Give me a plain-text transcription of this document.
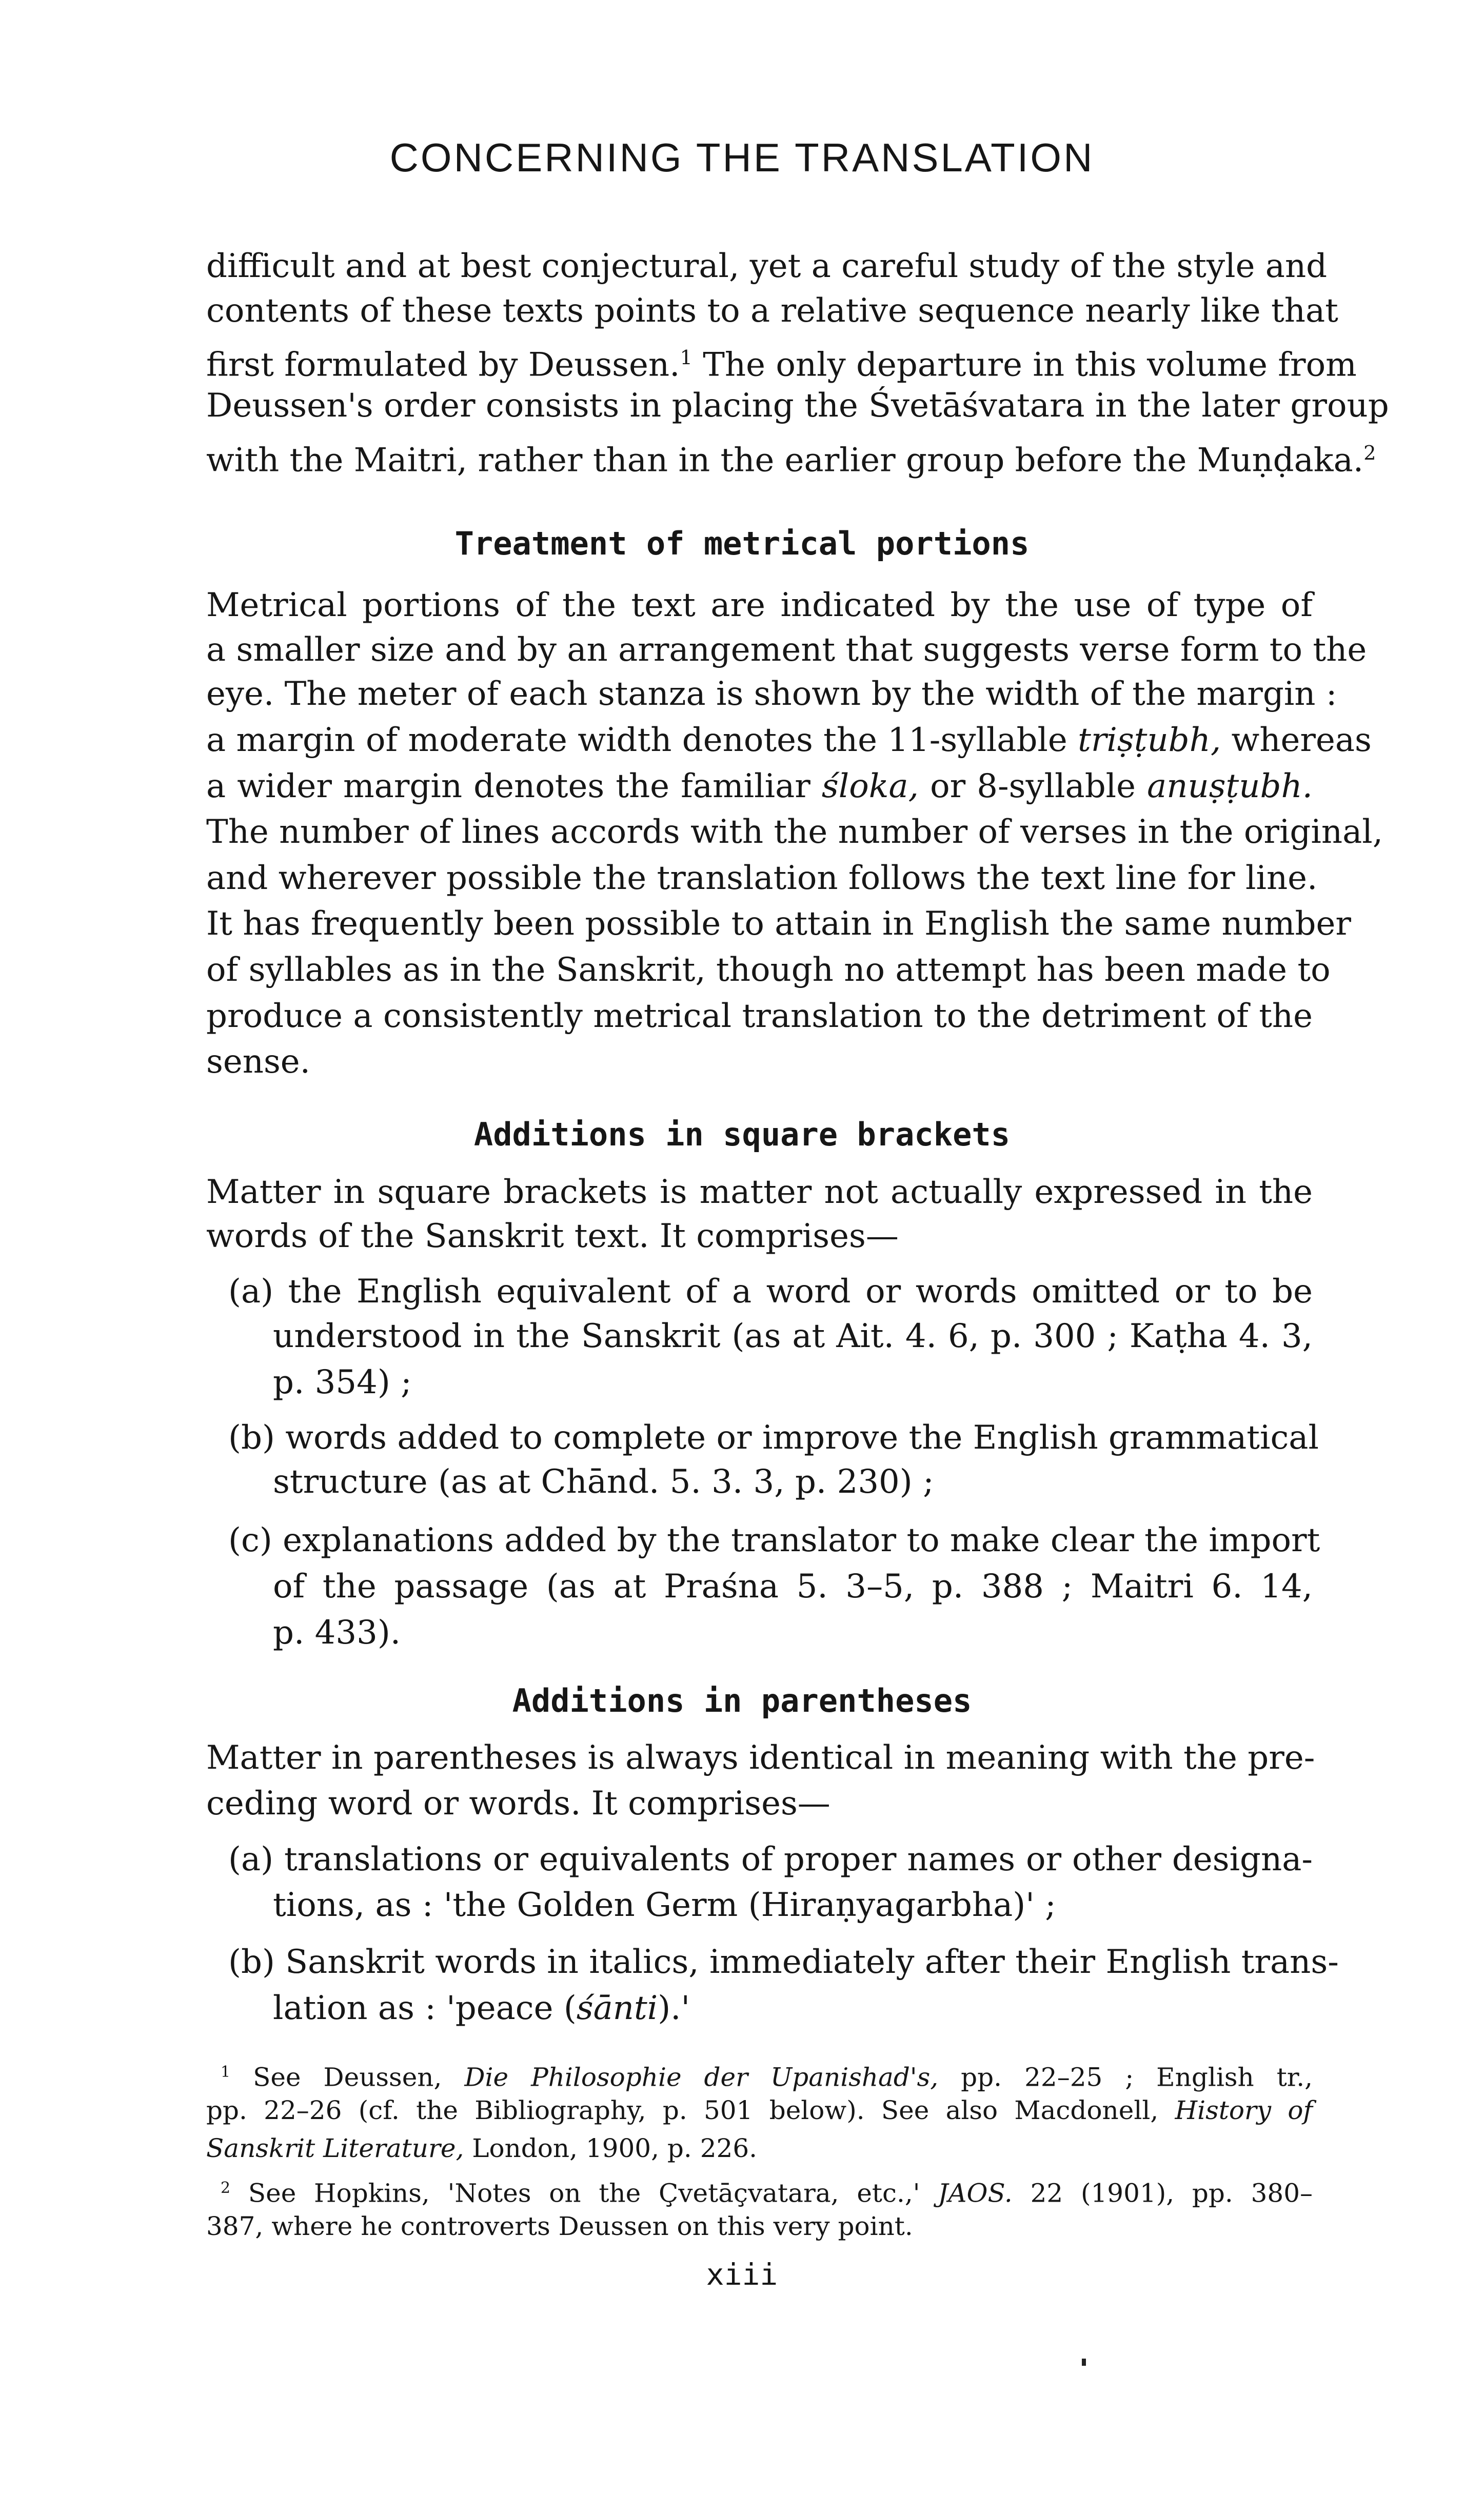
CONCERNING THE TRANSLATION
difficult and at best conjectural, yet a careful study of the style and
contents of these texts points to a relative sequence nearly like that
first formulated by Deussen.$^1$ The only departure in this volume from
Deussen's order consists in placing the Śvetāśvatara in the later group
with the Maitri, rather than in the earlier group before the Muṇḍaka.$^2$
Treatment of metrical portions
Metrical portions of the text are indicated by the use of type of
a smaller size and by an arrangement that suggests verse form to the
eye. The meter of each stanza is shown by the width of the margin :
a margin of moderate width denotes the 11-syllable triṣṭubh, whereas
a wider margin denotes the familiar śloka, or 8-syllable anuṣṭubh.
The number of lines accords with the number of verses in the original,
and wherever possible the translation follows the text line for line.
It has frequently been possible to attain in English the same number
of syllables as in the Sanskrit, though no attempt has been made to
produce a consistently metrical translation to the detriment of the
sense.
Additions in square brackets
Matter in square brackets is matter not actually expressed in the
words of the Sanskrit text. It comprises—
(a) the English equivalent of a word or words omitted or to be
understood in the Sanskrit (as at Ait. 4. 6, p. 300 ; Kaṭha 4. 3,
p. 354) ;
(b) words added to complete or improve the English grammatical
structure (as at Chānd. 5. 3. 3, p. 230) ;
(c) explanations added by the translator to make clear the import
of the passage (as at Praśna 5. 3–5, p. 388 ; Maitri 6. 14,
p. 433).
Additions in parentheses
Matter in parentheses is always identical in meaning with the pre-
ceding word or words. It comprises—
(a) translations or equivalents of proper names or other designa-
tions, as : 'the Golden Germ (Hiraṇyagarbha)' ;
(b) Sanskrit words in italics, immediately after their English trans-
lation as : 'peace (śānti).'
$^1$ See Deussen, Die Philosophie der Upanishad's, pp. 22–25 ; English tr.,
pp. 22–26 (cf. the Bibliography, p. 501 below). See also Macdonell, History of
Sanskrit Literature, London, 1900, p. 226.
$^2$ See Hopkins, 'Notes on the Çvetāçvatara, etc.,' JAOS. 22 (1901), pp. 380–
387, where he controverts Deussen on this very point.
xiii
